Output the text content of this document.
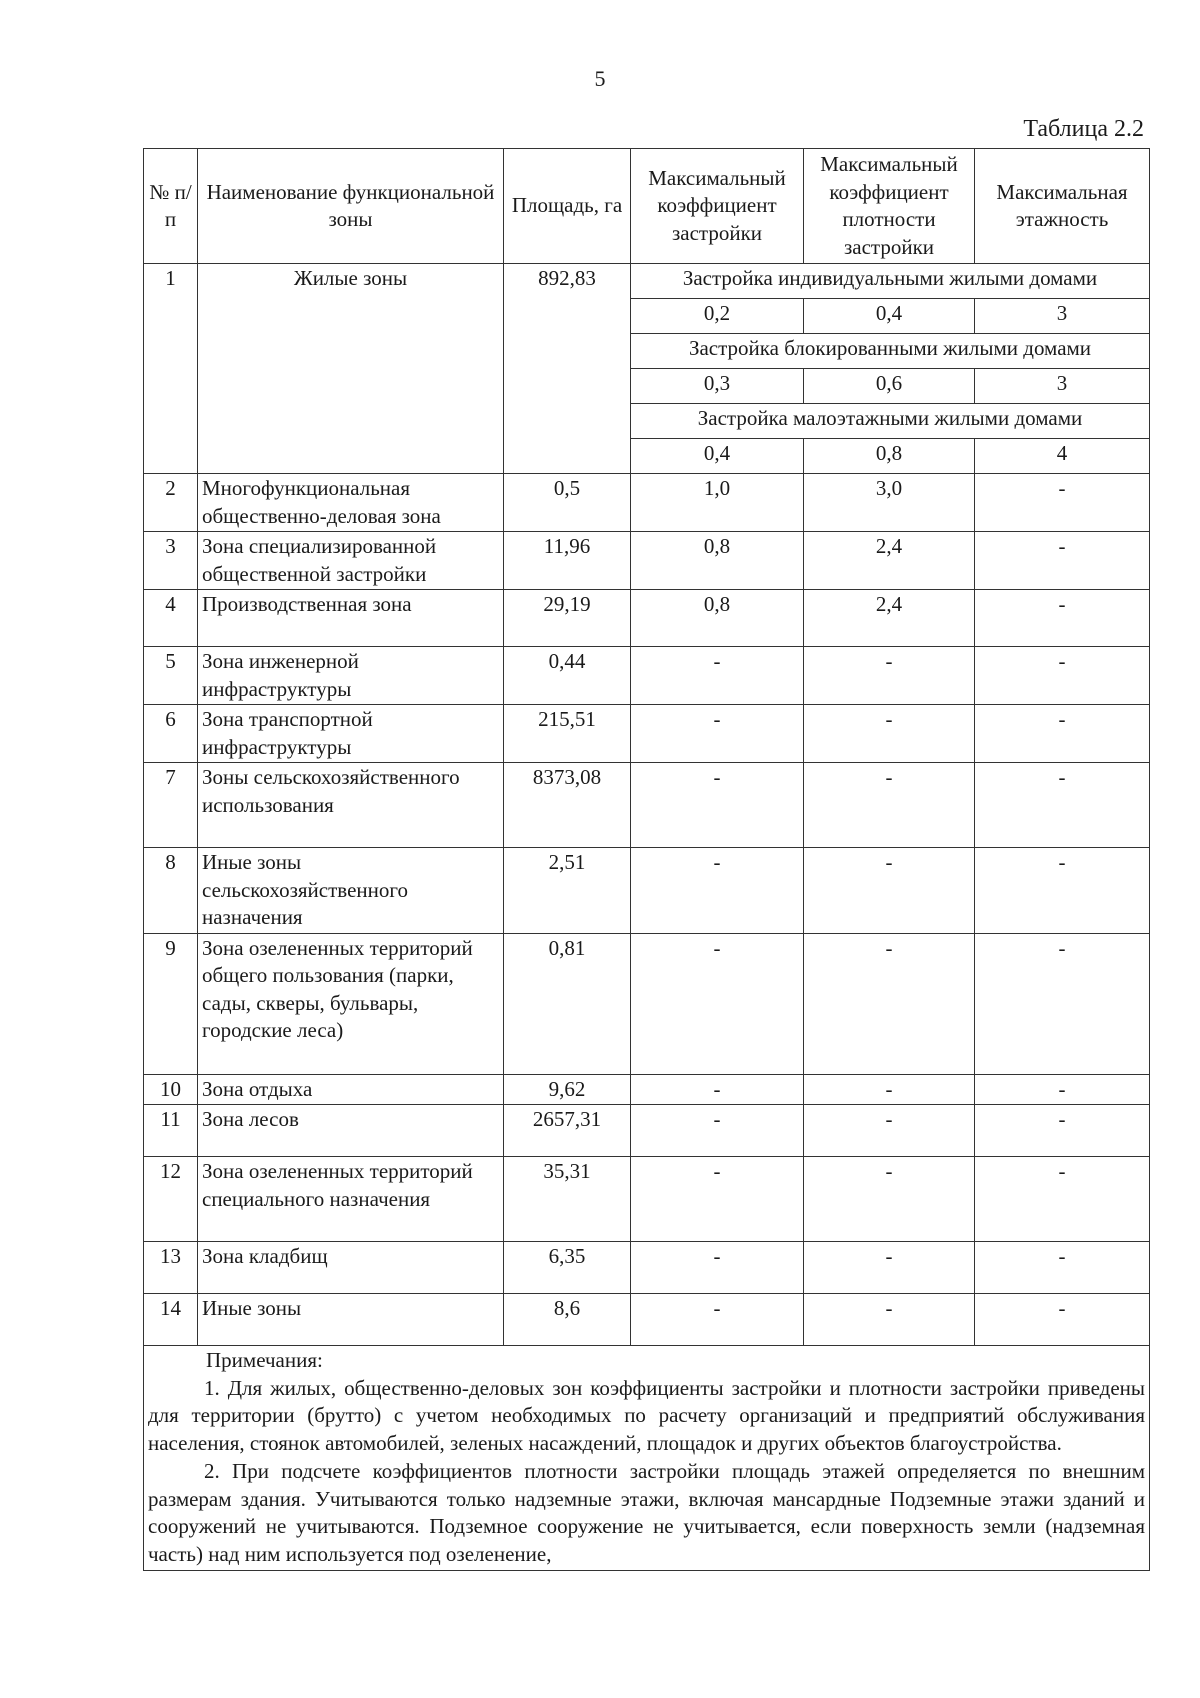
5
Таблица 2.2
№ п/п	Наименование функциональной зоны	Площадь, га	Максимальный коэффициент застройки	Максимальный коэффициент плотности застройки	Максимальная этажность
1	Жилые зоны	892,83	Застройка индивидуальными жилыми домами		
			0,2	0,4	3
			Застройка блокированными жилыми домами		
			0,3	0,6	3
			Застройка малоэтажными жилыми домами		
			0,4	0,8	4
2	Многофункциональная общественно-деловая зона	0,5	1,0	3,0	-
3	Зона специализированной общественной застройки	11,96	0,8	2,4	-
4	Производственная зона	29,19	0,8	2,4	-
5	Зона инженерной инфраструктуры	0,44	-	-	-
6	Зона транспортной инфраструктуры	215,51	-	-	-
7	Зоны сельскохозяйственного использования	8373,08	-	-	-
8	Иные зоны сельскохозяйственного назначения	2,51	-	-	-
9	Зона озелененных территорий общего пользования (парки, сады, скверы, бульвары, городские леса)	0,81	-	-	-
10	Зона отдыха	9,62	-	-	-
11	Зона лесов	2657,31	-	-	-
12	Зона озелененных территорий специального назначения	35,31	-	-	-
13	Зона кладбищ	6,35	-	-	-
14	Иные зоны	8,6	-	-	-

Примечания:

1. Для жилых, общественно-деловых зон коэффициенты застройки и плотности застройки приведены для территории (брутто) с учетом необходимых по расчету организаций и предприятий обслуживания населения, стоянок автомобилей, зеленых насаждений, площадок и других объектов благоустройства.

2. При подсчете коэффициентов плотности застройки площадь этажей определяется по внешним размерам здания. Учитываются только надземные этажи, включая мансардные Подземные этажи зданий и сооружений не учитываются. Подземное сооружение не учитывается, если поверхность земли (надземная часть) над ним используется под озеленение,					
